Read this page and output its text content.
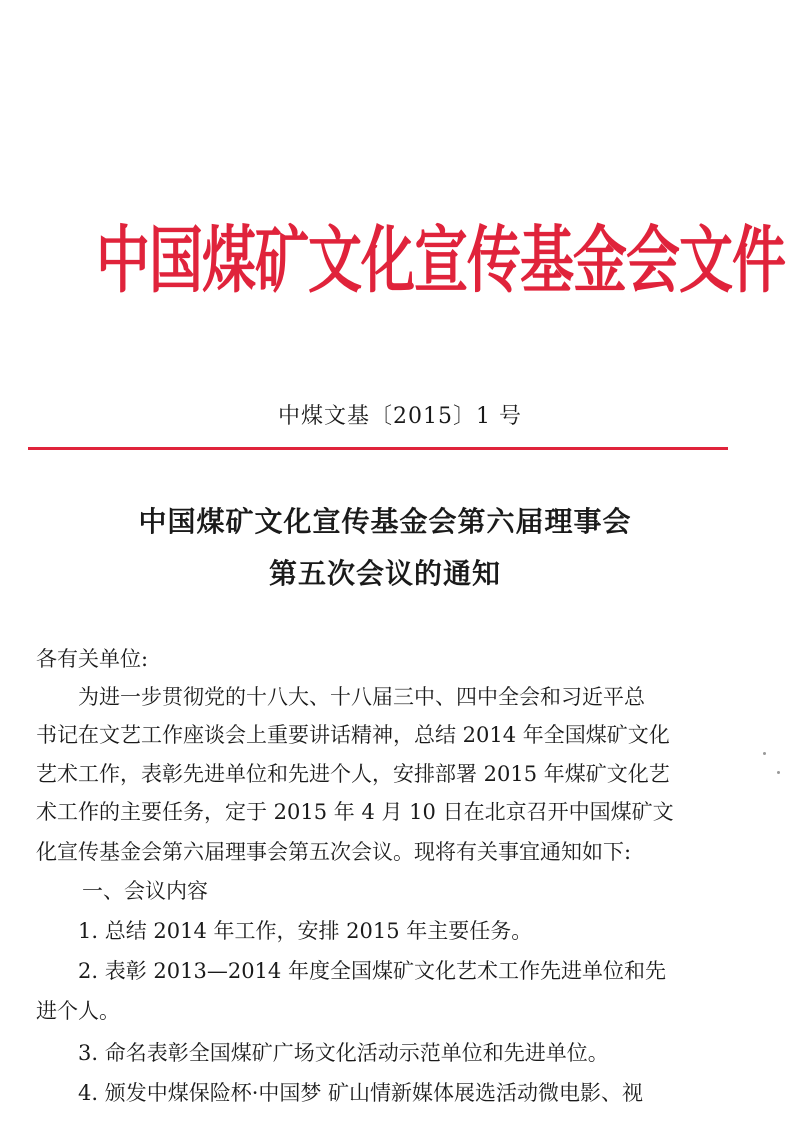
中国煤矿文化宣传基金会文件
中煤文基〔2015〕1 号
中国煤矿文化宣传基金会第六届理事会
第五次会议的通知
各有关单位:
为进一步贯彻党的十八大、十八届三中、四中全会和习近平总
书记在文艺工作座谈会上重要讲话精神，总结 2014 年全国煤矿文化
艺术工作，表彰先进单位和先进个人，安排部署 2015 年煤矿文化艺
术工作的主要任务，定于 2015 年 4 月 10 日在北京召开中国煤矿文
化宣传基金会第六届理事会第五次会议。现将有关事宜通知如下:
一、会议内容
1. 总结 2014 年工作，安排 2015 年主要任务。
2. 表彰 2013—2014 年度全国煤矿文化艺术工作先进单位和先
进个人。
3. 命名表彰全国煤矿广场文化活动示范单位和先进单位。
4. 颁发中煤保险杯·中国梦 矿山情新媒体展选活动微电影、视
